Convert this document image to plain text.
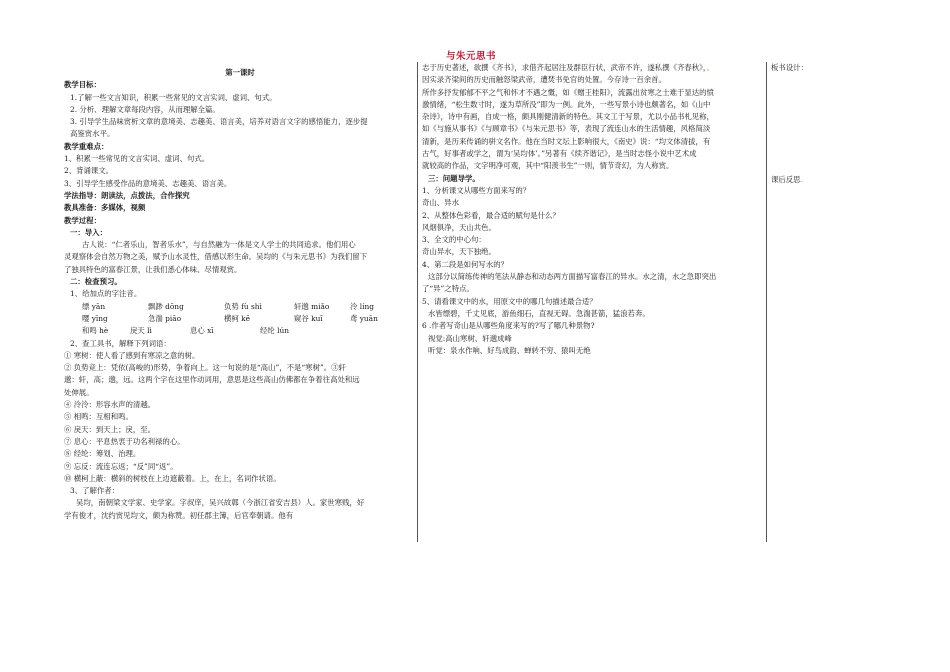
与朱元思书
第一课时
教学目标：
1.了解一些文言知识，积累一些常见的文言实词、虚词、句式。
2. 分析、理解文章每段内容，从而理解全篇。
3. 引导学生品味赏析文章的意境美、志趣美、语言美，培养对语言文字的感悟能力，逐步提
高鉴赏水平。
教学重难点：
1、积累一些常见的文言实词、虚词、句式。
2、背诵课文。
3、引导学生感受作品的意境美、志趣美、语言美。
学法指导：朗读法，点拨法，合作探究
教具准备：多媒体，视频
教学过程：
一：导入：
古人说：“仁者乐山，智者乐水”，与自然融为一体是文人学士的共同追求。他们用心
灵观察体会自然万物之美，赋予山水灵性，借感以形生命。吴均的《与朱元思书》为我们留下
了独具特色的富春江景，让我们悉心体味、尽情观赏。
二：检查预习。
1、给加点的字注音。
缥 yān	飘渺 dōng	负势 fù shì	轩邈 miǎo	泠 líng
嘤 yīng	急湍 piāo	横柯 kē	窥谷 kuī	鸢 yuān
和鸣 hè	戾天 lì	息心 xī	经纶 lún
2、查工具书，解释下列词语：
① 寒树：使人看了感到有寒凉之意的树。
② 负势竞上：凭依(高峻的)形势，争着向上。这一句说的是“高山”，不是“寒树”。③轩
邈：轩，高；邈，远。这两个字在这里作动词用，意思是这些高山仿佛都在争着往高处和远
处伸展。
④ 泠泠：形容水声的清越。
⑤ 相鸣：互相和鸣。
⑥ 戾天：到天上；戾，至。
⑦ 息心：平息热衷于功名利禄的心。
⑧ 经纶：筹划、治理。
⑨ 忘反：流连忘返；“反”同“返”。
⑩ 横柯上蔽：横斜的树枝在上边遮蔽着。上，在上，名词作状语。
3、了解作者：
吴均，南朝梁文学家、史学家。字叔庠，吴兴故鄣（今浙江省安吉县）人。家世寒贱，好
学有俊才，沈约赏见均文，颇为称赞。初任郡主簿，后官奉朝请。他有
志于历史著述，欲撰《齐书》，求借齐起居注及群臣行状，武帝不许，遂私撰《齐春秋》，。
因实录齐梁间的历史而触怒梁武帝，遭焚书免官的处置。今存诗一百余首。
所作多抒发郁郁不平之气和怀才不遇之慨，如《赠王桂阳》，流露出贫寒之士难于显达的愤
激情绪，“松生数寸时，遂为草所没”即为一例。此外，一些写景小诗也颇著名，如《山中
杂诗》，诗中有画，自成一格，颇具刚健清新的特色。其文工于写景，尤以小品书札见称，
如《与施从事书》《与顾章书》《与朱元思书》等，表现了流连山水的生活情趣，风格简淡
清新，是历来传诵的骈文名作。他在当时文坛上影响很大，《南史》说：“均文体清拔，有
古气，好事者或学之，谓为‘吴均体’。”另著有《续齐谐记》，是当时志怪小说中艺术成
就较高的作品，文字明净可观，其中“阳羡书生”一则，情节奇幻，为人称赏。
三：问题导学。
1、分析课文从哪些方面来写的？
奇山、异水
2、从整体色彩看，最合适的赋句是什么？
风烟俱净，天山共色。
3、全文的中心句：
奇山异水，天下独绝。
4、第二段是如何写水的？
这部分以简练传神的笔法从静态和动态两方面描写富春江的异水。水之清，水之急即突出
了“异”之特点。
5、请看课文中的水，用原文中的哪几句描述最合适？
水皆缥碧，千丈见底，游鱼细石，直视无碍。急湍甚箭，猛浪若奔。
6 .作者写奇山是从哪些角度来写的?写了哪几种景物?
视觉:高山寒树、轩邈成峰
听觉：泉水作响、好鸟成韵、蝉转不穷、猿叫无绝
板书设计：
课后反思.
